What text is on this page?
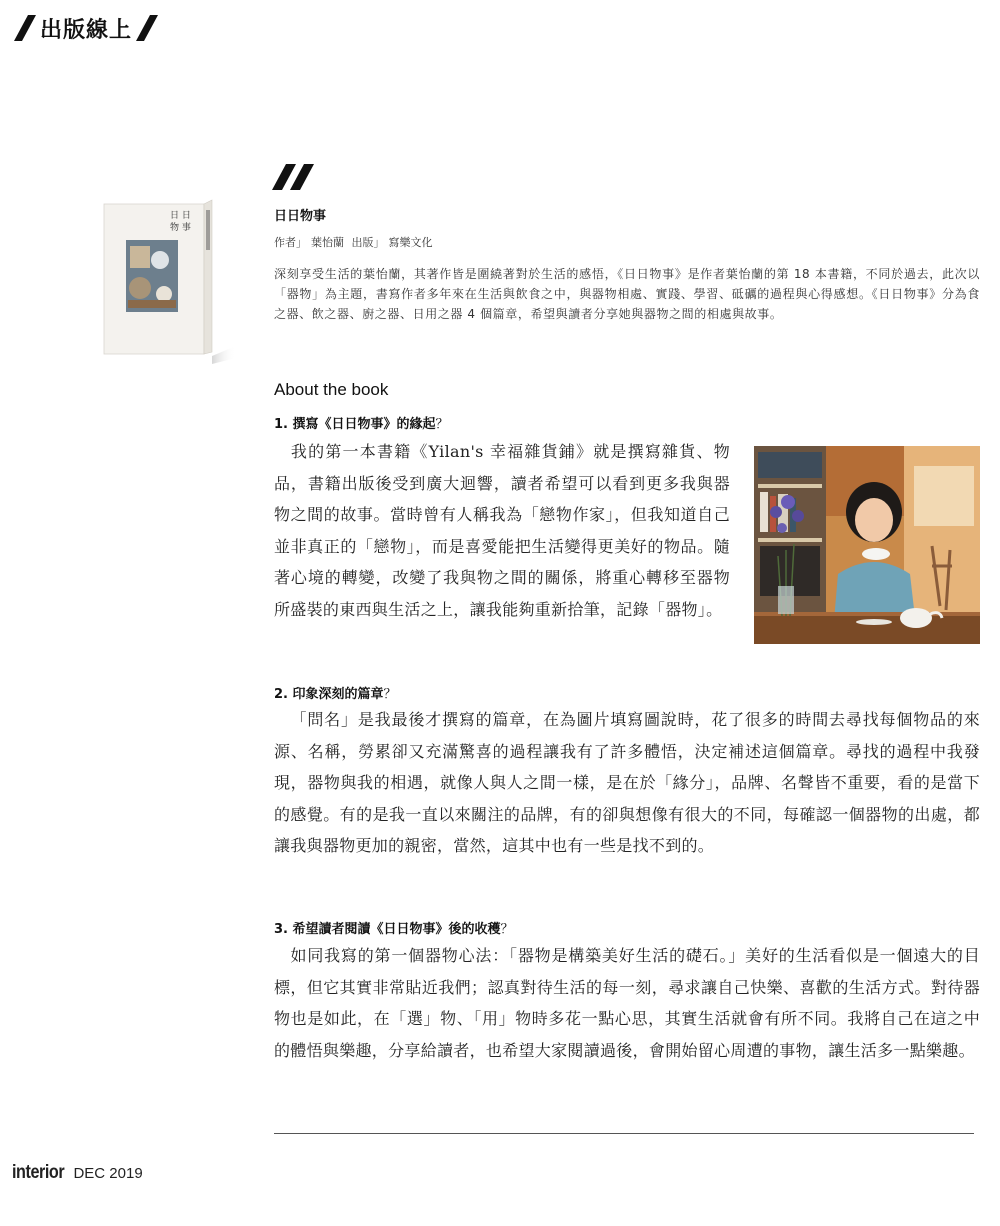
出版線上
日 日
物 事
日日物事
作者」 葉怡蘭 出版」 寫樂文化
深刻享受生活的葉怡蘭，其著作皆是圍繞著對於生活的感悟，《日日物事》是作者葉怡蘭的第 18 本書籍，不同於過去，此次以「器物」為主題，書寫作者多年來在生活與飲食之中，與器物相處、實踐、學習、砥礪的過程與心得感想。《日日物事》分為食之器、飲之器、廚之器、日用之器 4 個篇章，希望與讀者分享她與器物之間的相處與故事。
About the book
1. 撰寫《日日物事》的緣起？
我的第一本書籍《Yilan's 幸福雜貨鋪》就是撰寫雜貨、物品，書籍出版後受到廣大迴響，讀者希望可以看到更多我與器物之間的故事。當時曾有人稱我為「戀物作家」，但我知道自己並非真正的「戀物」，而是喜愛能把生活變得更美好的物品。隨著心境的轉變，改變了我與物之間的關係，將重心轉移至器物所盛裝的東西與生活之上，讓我能夠重新拾筆，記錄「器物」。
2. 印象深刻的篇章？
「問名」是我最後才撰寫的篇章，在為圖片填寫圖說時，花了很多的時間去尋找每個物品的來源、名稱，勞累卻又充滿驚喜的過程讓我有了許多體悟，決定補述這個篇章。尋找的過程中我發現，器物與我的相遇，就像人與人之間一樣，是在於「緣分」，品牌、名聲皆不重要，看的是當下的感覺。有的是我一直以來關注的品牌，有的卻與想像有很大的不同，每確認一個器物的出處，都讓我與器物更加的親密，當然，這其中也有一些是找不到的。
3. 希望讀者閱讀《日日物事》後的收穫？
如同我寫的第一個器物心法：「器物是構築美好生活的礎石。」美好的生活看似是一個遠大的目標，但它其實非常貼近我們；認真對待生活的每一刻，尋求讓自己快樂、喜歡的生活方式。對待器物也是如此，在「選」物、「用」物時多花一點心思，其實生活就會有所不同。我將自己在這之中的體悟與樂趣，分享給讀者，也希望大家閱讀過後，會開始留心周遭的事物，讓生活多一點樂趣。
interior DEC 2019
